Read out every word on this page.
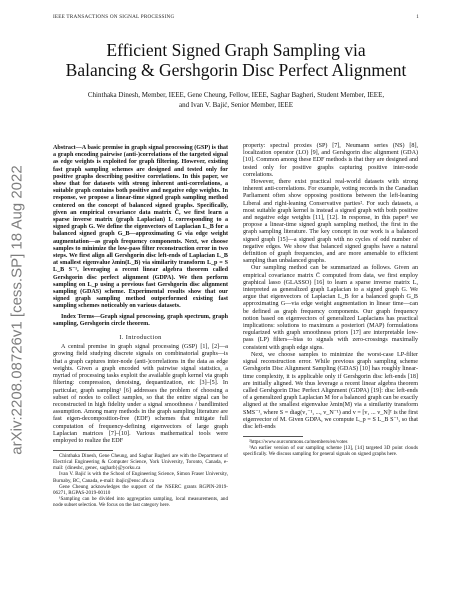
IEEE TRANSACTIONS ON SIGNAL PROCESSING	1
arXiv:2208.08726v1 [cess.SP] 18 Aug 2022
Efficient Signed Graph Sampling via
Balancing & Gershgorin Disc Perfect Alignment
Chinthaka Dinesh, Member, IEEE, Gene Cheung, Fellow, IEEE, Saghar Bagheri, Student Member, IEEE,
and Ivan V. Bajić, Senior Member, IEEE

Abstract—A basic premise in graph signal processing (GSP) is that a graph encoding pairwise (anti-)correlations of the targeted signal as edge weights is exploited for graph filtering. However, existing fast graph sampling schemes are designed and tested only for positive graphs describing positive correlations. In this paper, we show that for datasets with strong inherent anti-correlations, a suitable graph contains both positive and negative edge weights. In response, we propose a linear-time signed graph sampling method centered on the concept of balanced signed graphs. Specifically, given an empirical covariance data matrix C̄, we first learn a sparse inverse matrix (graph Laplacian) L corresponding to a signed graph G. We define the eigenvectors of Laplacian L_B for a balanced signed graph G_B—approximating G via edge weight augmentation—as graph frequency components. Next, we choose samples to minimize the low-pass filter reconstruction error in two steps. We first align all Gershgorin disc left-ends of Laplacian L_B at smallest eigenvalue λmin(L_B) via similarity transform L_p = S L_B S⁻¹, leveraging a recent linear algebra theorem called Gershgorin disc perfect alignment (GDPA). We then perform sampling on L_p using a previous fast Gershgorin disc alignment sampling (GDAS) scheme. Experimental results show that our signed graph sampling method outperformed existing fast sampling schemes noticeably on various datasets.

Index Terms—Graph signal processing, graph spectrum, graph sampling, Gershgorin circle theorem.

I. Introduction

A central premise in graph signal processing (GSP) [1], [2]—a growing field studying discrete signals on combinatorial graphs—is that a graph captures inter-node (anti-)correlations in the data as edge weights. Given a graph encoded with pairwise signal statistics, a myriad of processing tasks exploit the available graph kernel via graph filtering: compression, denoising, dequantization, etc [3]–[5]. In particular, graph sampling¹ [6] addresses the problem of choosing a subset of nodes to collect samples, so that the entire signal can be reconstructed in high fidelity under a signal smoothness / bandlimited assumption. Among many methods in the graph sampling literature are fast eigen-decomposition-free (EDF) schemes that mitigate full computation of frequency-defining eigenvectors of large graph Laplacian matrices [7]–[10]. Various mathematical tools were employed to realize the EDF

Chinthaka Dinesh, Gene Cheung, and Saghar Bagheri are with the Department of Electrical Engineering & Computer Science, York University, Toronto, Canada, e-mail: {dineshc, genec, sagharb}@yorku.ca

Ivan V. Bajić is with the School of Engineering Science, Simon Fraser University, Burnaby, BC, Canada, e-mail: ibajic@ensc.sfu.ca

Gene Cheung acknowledges the support of the NSERC grants RGPIN-2019-06271, RGPAS-2019-00110

¹Sampling can be divided into aggregation sampling, local measurements, and node subset selection. We focus on the last category here.

property: spectral proxies (SP) [7], Neumann series (NS) [8], localization operator (LO) [9], and Gershgorin disc alignment (GDA) [10]. Common among these EDF methods is that they are designed and tested only for positive graphs capturing positive inter-node correlations.

However, there exist practical real-world datasets with strong inherent anti-correlations. For example, voting records in the Canadian Parliament often show opposing positions between the left-leaning Liberal and right-leaning Conservative parties². For such datasets, a most suitable graph kernel is instead a signed graph with both positive and negative edge weights [11], [12]. In response, in this paper³ we propose a linear-time signed graph sampling method, the first in the graph sampling literature. The key concept in our work is a balanced signed graph [15]—a signed graph with no cycles of odd number of negative edges. We show that balanced signed graphs have a natural definition of graph frequencies, and are more amenable to efficient sampling than unbalanced graphs.

Our sampling method can be summarized as follows. Given an empirical covariance matrix C̄ computed from data, we first employ graphical lasso (GLASSO) [16] to learn a sparse inverse matrix L, interpreted as generalized graph Laplacian to a signed graph G. We argue that eigenvectors of Laplacian L_B for a balanced graph G_B approximating G—via edge weight augmentation in linear time—can be defined as graph frequency components. Our graph frequency notion based on eigenvectors of generalized Laplacians has practical implications: solutions to maximum a posteriori (MAP) formulations regularized with graph smoothness priors [17] are interpretable low-pass (LP) filters—bias to signals with zero-crossings maximally consistent with graph edge signs.

Next, we choose samples to minimize the worst-case LP-filter signal reconstruction error. While previous graph sampling scheme Gershgorin Disc Alignment Sampling (GDAS) [10] has roughly linear-time complexity, it is applicable only if Gershgorin disc left-ends [18] are initially aligned. We thus leverage a recent linear algebra theorem called Gershgorin Disc Perfect Alignment (GDPA) [19]: disc left-ends of a generalized graph Laplacian M for a balanced graph can be exactly aligned at the smallest eigenvalue λmin(M) via a similarity transform SMS⁻¹, where S = diag(v₁⁻¹, ..., v_N⁻¹) and v = [v₁ ... v_N]ᵀ is the first eigenvector of M. Given GDPA, we compute L_p = S L_B S⁻¹, so that disc left-ends

²https://www.ourcommons.ca/members/en/votes

³An earlier version of our sampling scheme [13], [14] targeted 3D point clouds specifically. We discuss sampling for general signals on signed graphs here.
